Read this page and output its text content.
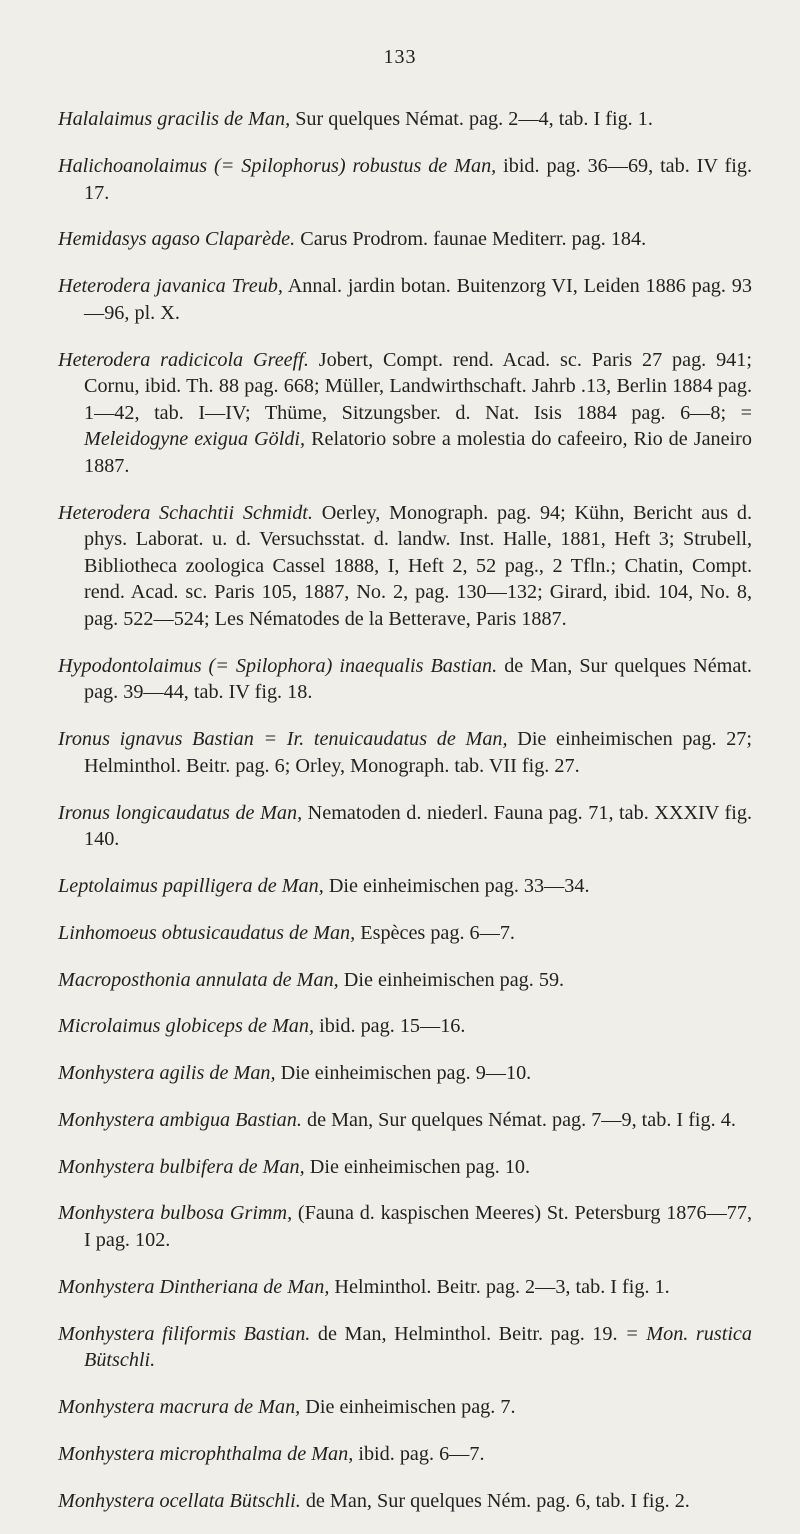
133

Halalaimus gracilis de Man, Sur quelques Némat. pag. 2—4, tab. I fig. 1.

Halichoanolaimus (= Spilophorus) robustus de Man, ibid. pag. 36—69, tab. IV fig. 17.

Hemidasys agaso Claparède. Carus Prodrom. faunae Mediterr. pag. 184.

Heterodera javanica Treub, Annal. jardin botan. Buitenzorg VI, Leiden 1886 pag. 93—96, pl. X.

Heterodera radicicola Greeff. Jobert, Compt. rend. Acad. sc. Paris 27 pag. 941; Cornu, ibid. Th. 88 pag. 668; Müller, Landwirthschaft. Jahrb .13, Berlin 1884 pag. 1—42, tab. I—IV; Thüme, Sitzungsber. d. Nat. Isis 1884 pag. 6—8; = Meleidogyne exigua Göldi, Relatorio sobre a molestia do cafeeiro, Rio de Janeiro 1887.

Heterodera Schachtii Schmidt. Oerley, Monograph. pag. 94; Kühn, Bericht aus d. phys. Laborat. u. d. Versuchsstat. d. landw. Inst. Halle, 1881, Heft 3; Strubell, Bibliotheca zoologica Cassel 1888, I, Heft 2, 52 pag., 2 Tfln.; Chatin, Compt. rend. Acad. sc. Paris 105, 1887, No. 2, pag. 130—132; Girard, ibid. 104, No. 8, pag. 522—524; Les Nématodes de la Betterave, Paris 1887.

Hypodontolaimus (= Spilophora) inaequalis Bastian. de Man, Sur quelques Némat. pag. 39—44, tab. IV fig. 18.

Ironus ignavus Bastian = Ir. tenuicaudatus de Man, Die einheimischen pag. 27; Helminthol. Beitr. pag. 6; Orley, Monograph. tab. VII fig. 27.

Ironus longicaudatus de Man, Nematoden d. niederl. Fauna pag. 71, tab. XXXIV fig. 140.

Leptolaimus papilligera de Man, Die einheimischen pag. 33—34.

Linhomoeus obtusicaudatus de Man, Espèces pag. 6—7.

Macroposthonia annulata de Man, Die einheimischen pag. 59.

Microlaimus globiceps de Man, ibid. pag. 15—16.

Monhystera agilis de Man, Die einheimischen pag. 9—10.

Monhystera ambigua Bastian. de Man, Sur quelques Némat. pag. 7—9, tab. I fig. 4.

Monhystera bulbifera de Man, Die einheimischen pag. 10.

Monhystera bulbosa Grimm, (Fauna d. kaspischen Meeres) St. Petersburg 1876—77, I pag. 102.

Monhystera Dintheriana de Man, Helminthol. Beitr. pag. 2—3, tab. I fig. 1.

Monhystera filiformis Bastian. de Man, Helminthol. Beitr. pag. 19. = Mon. rustica Bütschli.

Monhystera macrura de Man, Die einheimischen pag. 7.

Monhystera microphthalma de Man, ibid. pag. 6—7.

Monhystera ocellata Bütschli. de Man, Sur quelques Ném. pag. 6, tab. I fig. 2.
